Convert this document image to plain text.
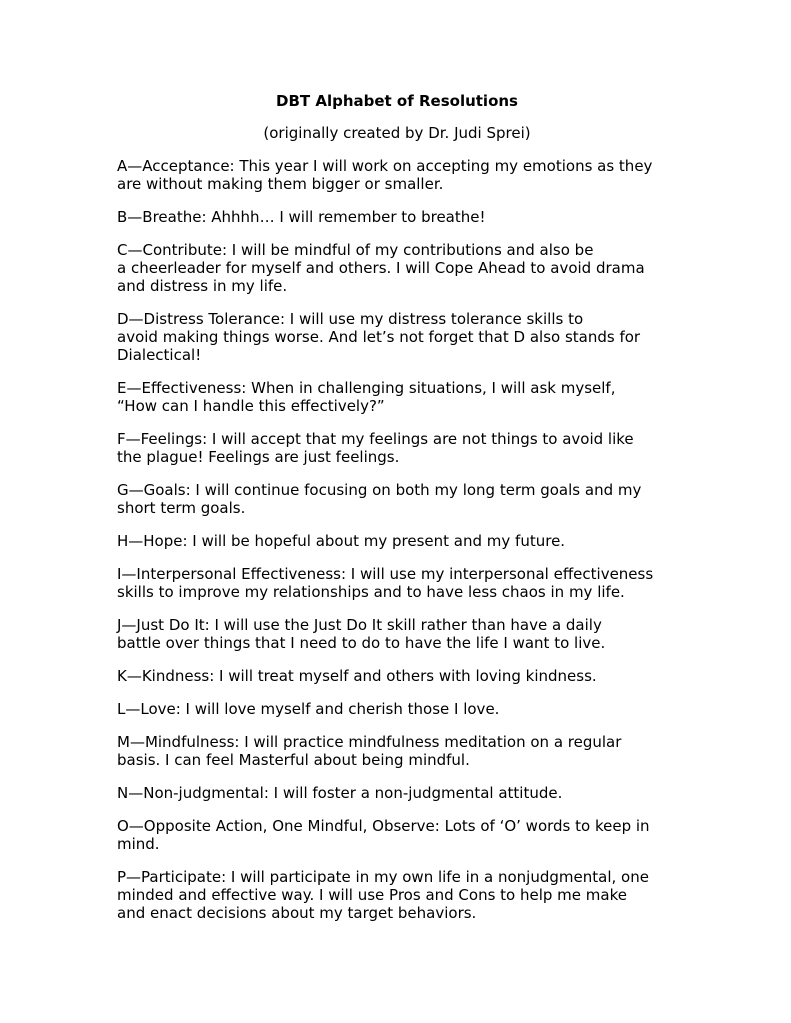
DBT Alphabet of Resolutions
(originally created by Dr. Judi Sprei)
A—Acceptance: This year I will work on accepting my emotions as they
are without making them bigger or smaller.
B—Breathe: Ahhhh… I will remember to breathe!
C—Contribute: I will be mindful of my contributions and also be
a cheerleader for myself and others. I will Cope Ahead to avoid drama
and distress in my life.
D—Distress Tolerance: I will use my distress tolerance skills to
avoid making things worse. And let’s not forget that D also stands for
Dialectical!
E—Effectiveness: When in challenging situations, I will ask myself,
“How can I handle this effectively?”
F—Feelings: I will accept that my feelings are not things to avoid like
the plague! Feelings are just feelings.
G—Goals: I will continue focusing on both my long term goals and my
short term goals.
H—Hope: I will be hopeful about my present and my future.
I—Interpersonal Effectiveness: I will use my interpersonal effectiveness
skills to improve my relationships and to have less chaos in my life.
J—Just Do It: I will use the Just Do It skill rather than have a daily
battle over things that I need to do to have the life I want to live.
K—Kindness: I will treat myself and others with loving kindness.
L—Love: I will love myself and cherish those I love.
M—Mindfulness: I will practice mindfulness meditation on a regular
basis. I can feel Masterful about being mindful.
N—Non-judgmental: I will foster a non-judgmental attitude.
O—Opposite Action, One Mindful, Observe: Lots of ‘O’ words to keep in
mind.
P—Participate: I will participate in my own life in a nonjudgmental, one
minded and effective way. I will use Pros and Cons to help me make
and enact decisions about my target behaviors.
